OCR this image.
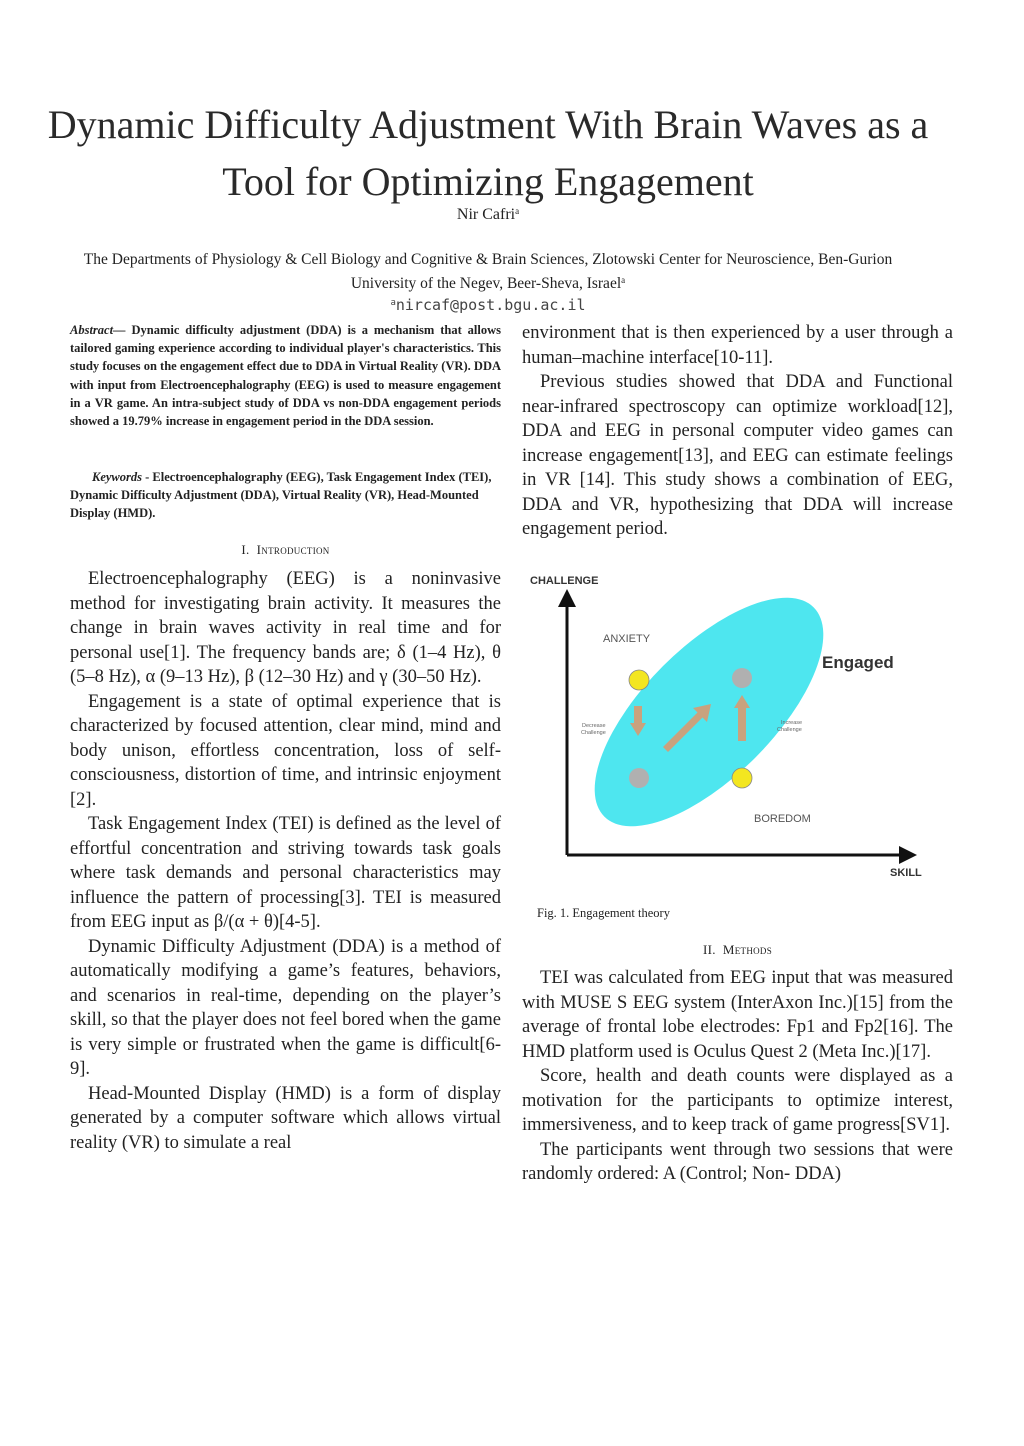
Dynamic Difficulty Adjustment With Brain Waves as a
Tool for Optimizing Engagement
Nir Cafri$^a$
The Departments of Physiology & Cell Biology and Cognitive & Brain Sciences, Zlotowski Center for Neuroscience, Ben-Gurion
University of the Negev, Beer-Sheva, Israel$^a$
$^a$nircaf@post.bgu.ac.il
Abstract— Dynamic difficulty adjustment (DDA) is a mechanism that allows tailored gaming experience according to individual player's characteristics. This study focuses on the engagement effect due to DDA in Virtual Reality (VR). DDA with input from Electroencephalography (EEG) is used to measure engagement in a VR game. An intra-subject study of DDA vs non-DDA engagement periods showed a 19.79% increase in engagement period in the DDA session.
Keywords - Electroencephalography (EEG), Task Engagement Index (TEI), Dynamic Difficulty Adjustment (DDA), Virtual Reality (VR), Head-Mounted Display (HMD).
I. Introduction

Electroencephalography (EEG) is a noninvasive method for investigating brain activity. It measures the change in brain waves activity in real time and for personal use[1]. The frequency bands are; δ (1–4 Hz), θ (5–8 Hz), α (9–13 Hz), β (12–30 Hz) and γ (30–50 Hz).

Engagement is a state of optimal experience that is characterized by focused attention, clear mind, mind and body unison, effortless concentration, loss of self-consciousness, distortion of time, and intrinsic enjoyment [2].

Task Engagement Index (TEI) is defined as the level of effortful concentration and striving towards task goals where task demands and personal characteristics may influence the pattern of processing[3]. TEI is measured from EEG input as β/(α + θ)[4-5].

Dynamic Difficulty Adjustment (DDA) is a method of automatically modifying a game’s features, behaviors, and scenarios in real-time, depending on the player’s skill, so that the player does not feel bored when the game is very simple or frustrated when the game is difficult[6-9].

Head-Mounted Display (HMD) is a form of display generated by a computer software which allows virtual reality (VR) to simulate a real

environment that is then experienced by a user through a human–machine interface[10-11].

Previous studies showed that DDA and Functional near-infrared spectroscopy can optimize workload[12], DDA and EEG in personal computer video games can increase engagement[13], and EEG can estimate feelings in VR [14]. This study shows a combination of EEG, DDA and VR, hypothesizing that DDA will increase engagement period.

CHALLENGE
SKILL
ANXIETY
Engaged
BOREDOM
Decrease
Challenge
Increase
Challenge
Fig. 1. Engagement theory
II. Methods

TEI was calculated from EEG input that was measured with MUSE S EEG system (InterAxon Inc.)[15] from the average of frontal lobe electrodes: Fp1 and Fp2[16]. The HMD platform used is Oculus Quest 2 (Meta Inc.)[17].

Score, health and death counts were displayed as a motivation for the participants to optimize interest, immersiveness, and to keep track of game progress[SV1].

The participants went through two sessions that were randomly ordered: A (Control; Non- DDA)
